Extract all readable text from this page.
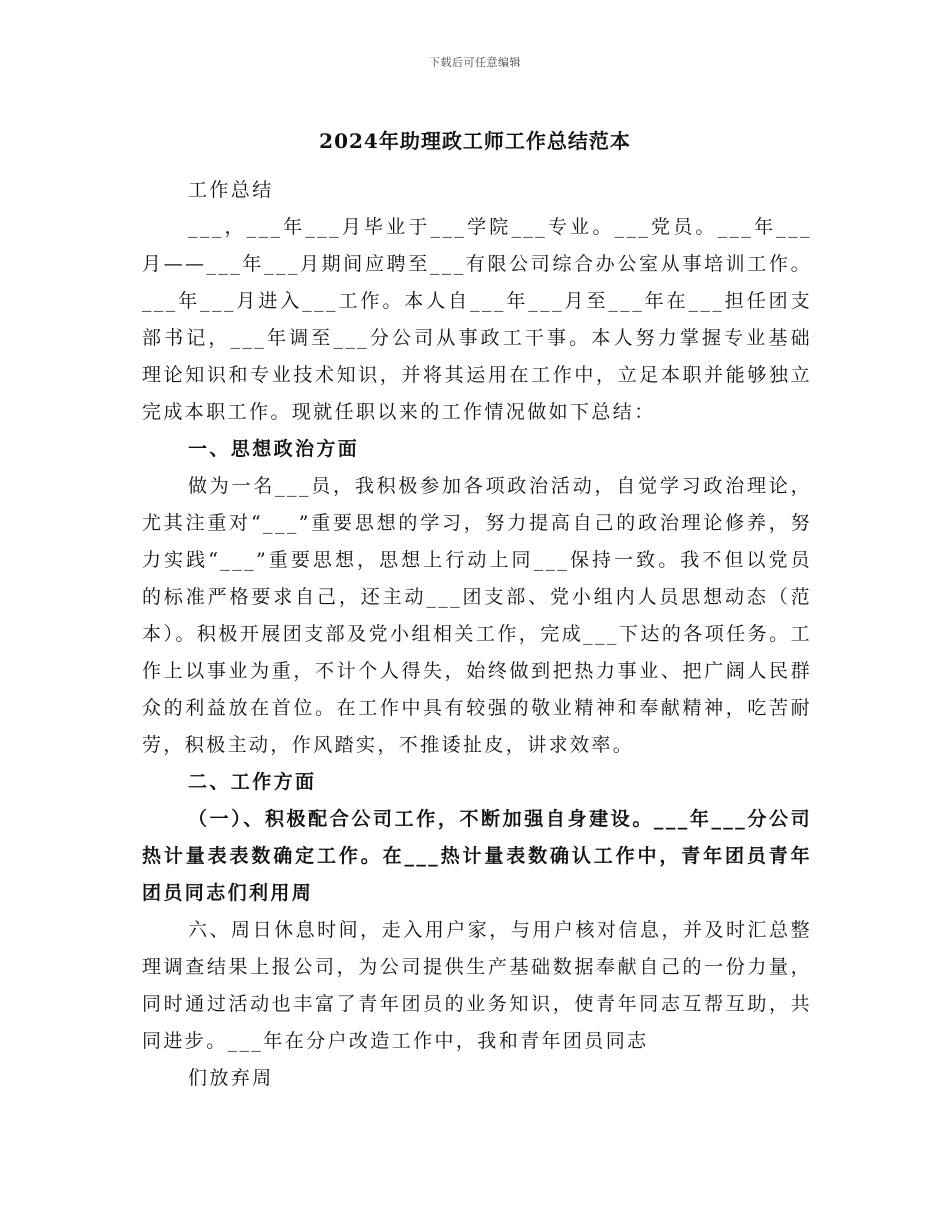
下载后可任意编辑
2024年助理政工师工作总结范本

工作总结

___，___年___月毕业于___学院___专业。___党员。___年___月——___年___月期间应聘至___有限公司综合办公室从事培训工作。___年___月进入___工作。本人自___年___月至___年在___担任团支部书记，___年调至___分公司从事政工干事。本人努力掌握专业基础理论知识和专业技术知识，并将其运用在工作中，立足本职并能够独立完成本职工作。现就任职以来的工作情况做如下总结：

一、思想政治方面

做为一名___员，我积极参加各项政治活动，自觉学习政治理论，尤其注重对“___”重要思想的学习，努力提高自己的政治理论修养，努力实践“___”重要思想，思想上行动上同___保持一致。我不但以党员的标准严格要求自己，还主动___团支部、党小组内人员思想动态（范本）。积极开展团支部及党小组相关工作，完成___下达的各项任务。工作上以事业为重，不计个人得失，始终做到把热力事业、把广阔人民群众的利益放在首位。在工作中具有较强的敬业精神和奉献精神，吃苦耐劳，积极主动，作风踏实，不推诿扯皮，讲求效率。

二、工作方面

（一）、积极配合公司工作，不断加强自身建设。___年___分公司热计量表表数确定工作。在___热计量表数确认工作中，青年团员青年团员同志们利用周

六、周日休息时间，走入用户家，与用户核对信息，并及时汇总整理调查结果上报公司，为公司提供生产基础数据奉献自己的一份力量，同时通过活动也丰富了青年团员的业务知识，使青年同志互帮互助，共同进步。___年在分户改造工作中，我和青年团员同志

们放弃周
